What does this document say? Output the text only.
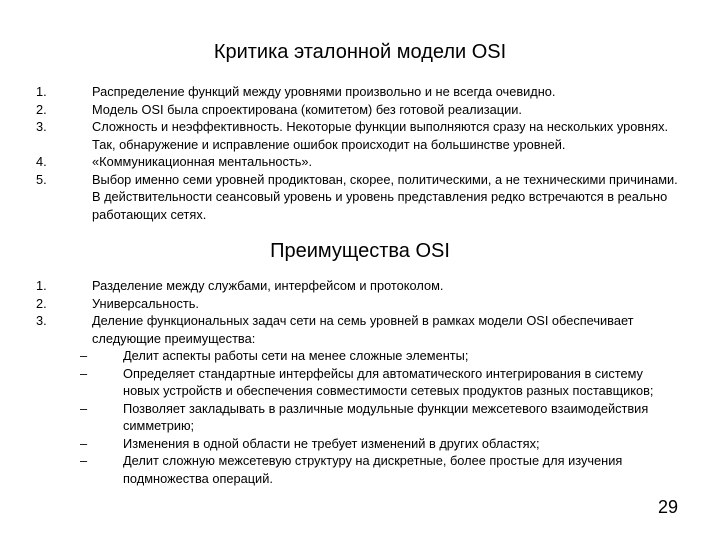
Критика эталонной модели OSI
1.	Распределение функций между уровнями произвольно и не всегда очевидно.
2.	Модель OSI была спроектирована (комитетом) без готовой реализации.
3.	Сложность и неэффективность. Некоторые функции выполняются сразу на нескольких уровнях. Так, обнаружение и исправление ошибок происходит на большинстве уровней.
4.	«Коммуникационная ментальность».
5.	Выбор именно семи уровней продиктован, скорее, политическими, а не техническими причинами. В действительности сеансовый уровень и уровень представления редко встречаются в реально работающих сетях.
Преимущества OSI
1.	Разделение между службами, интерфейсом и протоколом.
2.	Универсальность.
3.	Деление функциональных задач сети на семь уровней в рамках модели OSI обеспечивает следующие преимущества:
–	Делит аспекты работы сети на менее сложные элементы;
–	Определяет стандартные интерфейсы для автоматического интегрирования в систему новых устройств и обеспечения совместимости сетевых продуктов разных поставщиков;
–	Позволяет закладывать в различные модульные функции межсетевого взаимодействия симметрию;
–	Изменения в одной области не требует изменений в других областях;
–	Делит сложную межсетевую структуру на дискретные, более простые для изучения подмножества операций.
29
